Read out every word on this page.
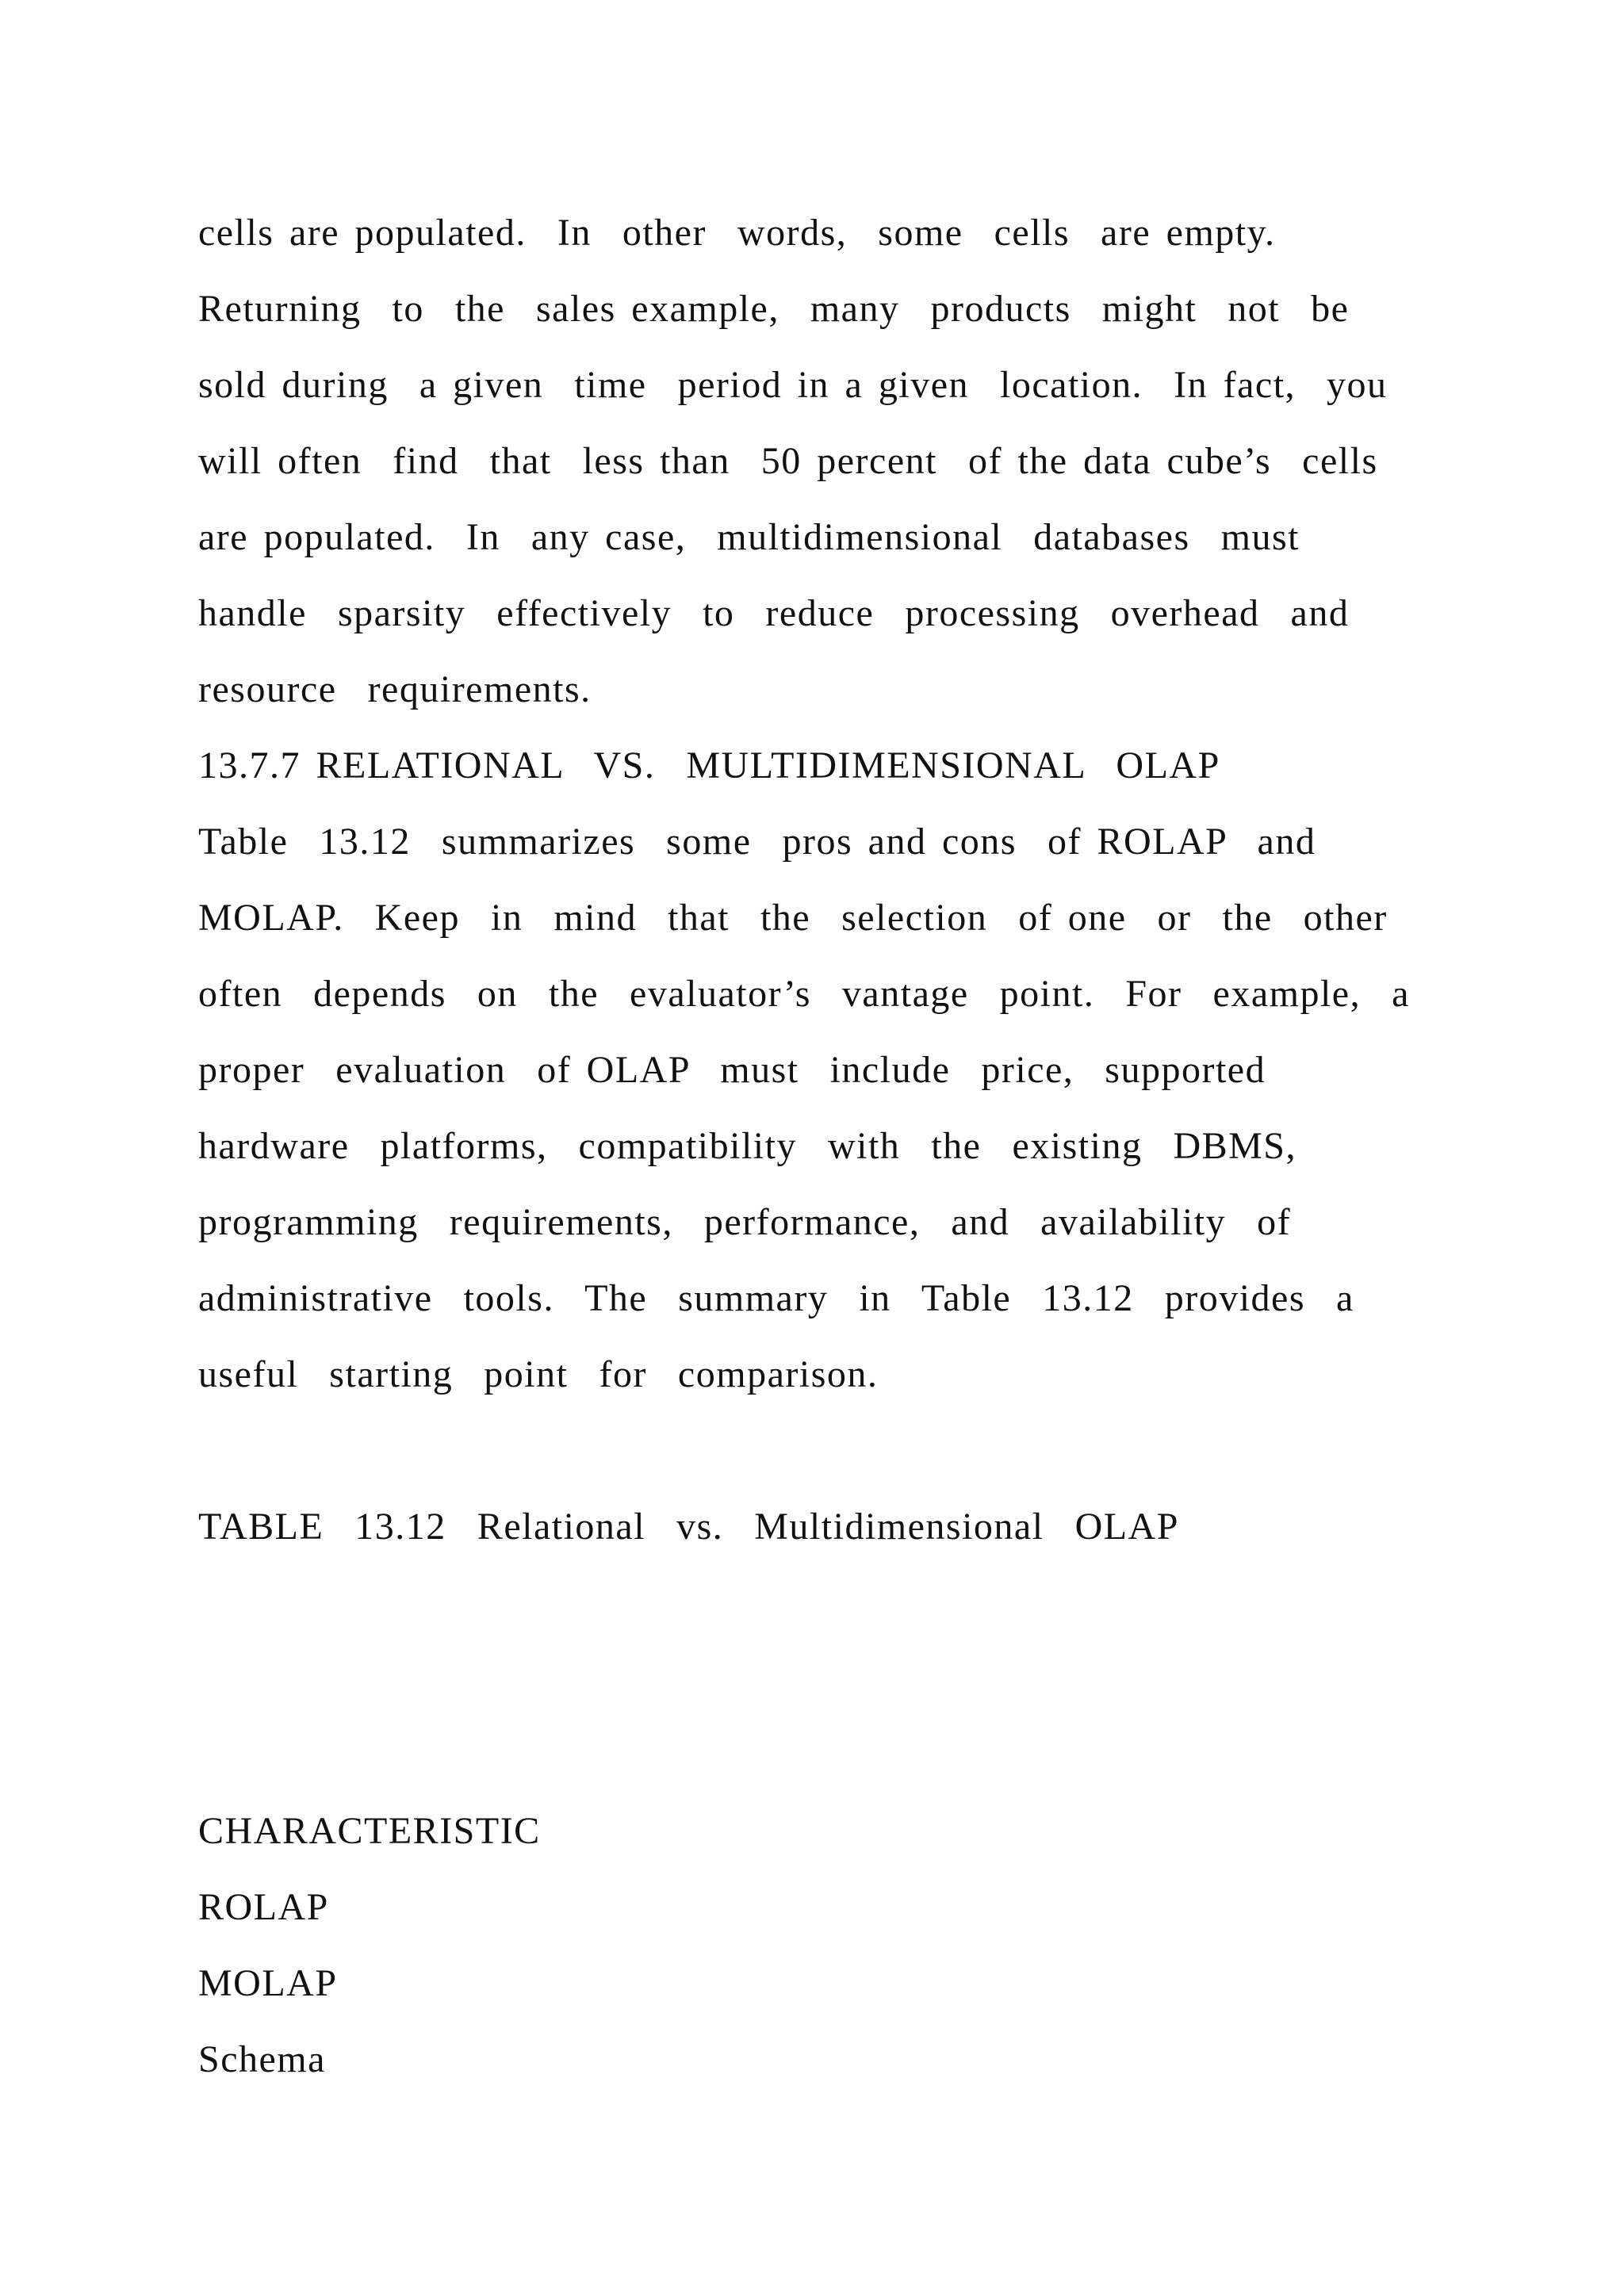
cells are populated.  In  other  words,  some  cells  are empty.
Returning  to  the  sales example,  many  products  might  not  be
sold during  a given  time  period in a given  location.  In fact,  you
will often  find  that  less than  50 percent  of the data cube’s  cells
are populated.  In  any case,  multidimensional  databases  must
handle  sparsity  effectively  to  reduce  processing  overhead  and
resource  requirements.
13.7.7 RELATIONAL  VS.  MULTIDIMENSIONAL  OLAP
Table  13.12  summarizes  some  pros and cons  of ROLAP  and
MOLAP.  Keep  in  mind  that  the  selection  of one  or  the  other
often  depends  on  the  evaluator’s  vantage  point.  For  example,  a
proper  evaluation  of OLAP  must  include  price,  supported
hardware  platforms,  compatibility  with  the  existing  DBMS,
programming  requirements,  performance,  and  availability  of
administrative  tools.  The  summary  in  Table  13.12  provides  a
useful  starting  point  for  comparison.
TABLE  13.12  Relational  vs.  Multidimensional  OLAP
CHARACTERISTIC
ROLAP
MOLAP
Schema
